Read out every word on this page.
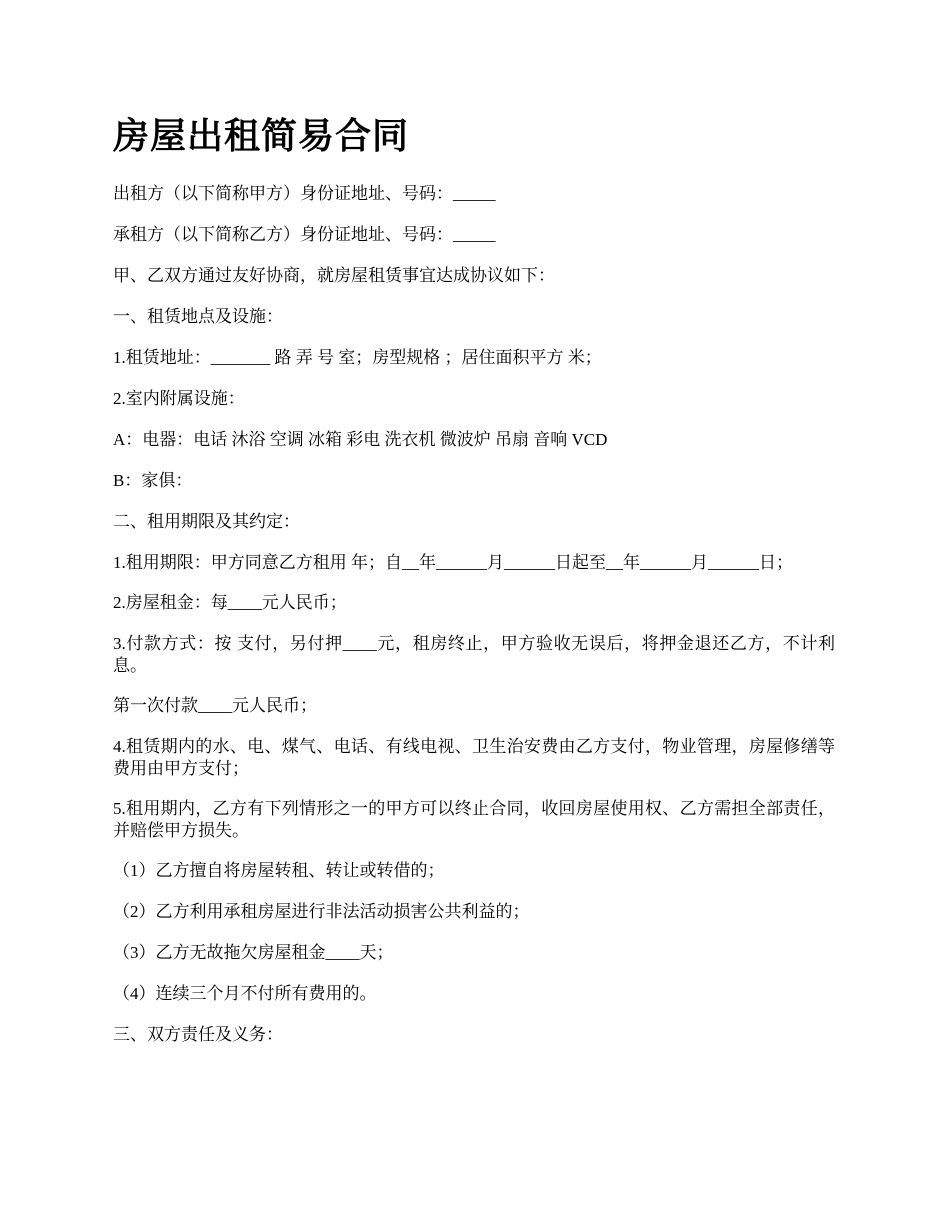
房屋出租简易合同

出租方（以下简称甲方）身份证地址、号码：_____

承租方（以下简称乙方）身份证地址、号码：_____

甲、乙双方通过友好协商，就房屋租赁事宜达成协议如下：

一、租赁地点及设施：

1.租赁地址：_______ 路 弄 号 室；房型规格 ；居住面积平方 米；

2.室内附属设施：

A：电器：电话 沐浴 空调 冰箱 彩电 洗衣机 微波炉 吊扇 音响 VCD

B：家俱：

二、租用期限及其约定：

1.租用期限：甲方同意乙方租用 年；自__年______月______日起至__年______月______日；

2.房屋租金：每____元人民币；

3.付款方式：按 支付，另付押____元，租房终止，甲方验收无误后，将押金退还乙方，不计利息。

第一次付款____元人民币；

4.租赁期内的水、电、煤气、电话、有线电视、卫生治安费由乙方支付，物业管理，房屋修缮等费用由甲方支付；

5.租用期内，乙方有下列情形之一的甲方可以终止合同，收回房屋使用权、乙方需担全部责任，并赔偿甲方损失。

（1）乙方擅自将房屋转租、转让或转借的；

（2）乙方利用承租房屋进行非法活动损害公共利益的；

（3）乙方无故拖欠房屋租金____天；

（4）连续三个月不付所有费用的。

三、双方责任及义务：
